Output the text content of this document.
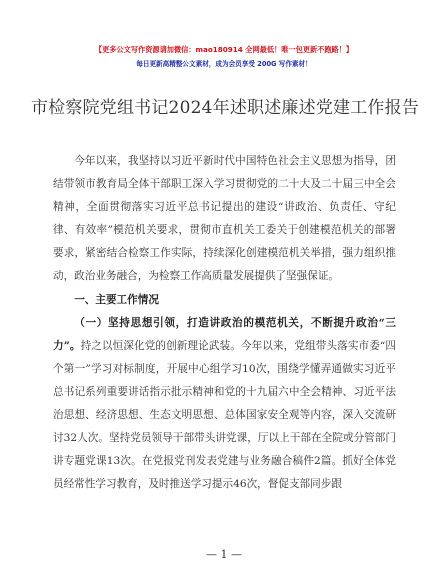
【更多公文写作资源请加微信：mao180914 全网最低！唯一包更新不跑路！】
每日更新高精整公文素材，成为会员享受 200G 写作素材！
市检察院党组书记2024年述职述廉述党建工作报告

今年以来，我坚持以习近平新时代中国特色社会主义思想为指导，团结带领市教育局全体干部职工深入学习贯彻党的二十大及二十届三中全会精神，全面贯彻落实习近平总书记提出的建设“讲政治、负责任、守纪律、有效率”模范机关要求，贯彻市直机关工委关于创建模范机关的部署要求，紧密结合检察工作实际，持续深化创建模范机关举措，强力组织推动，政治业务融合，为检察工作高质量发展提供了坚强保证。

一、主要工作情况

（一）坚持思想引领，打造讲政治的模范机关，不断提升政治“三力”。持之以恒深化党的创新理论武装。今年以来，党组带头落实市委“四个第一”学习对标制度，开展中心组学习10次，围绕学懂弄通做实习近平总书记系列重要讲话指示批示精神和党的十九届六中全会精神、习近平法治思想、经济思想、生态文明思想、总体国家安全观等内容，深入交流研讨32人次。坚持党员领导干部带头讲党课，厅以上干部在全院或分管部门讲专题党课13次。在党报党刊发表党建与业务融合稿件2篇。抓好全体党员经常性学习教育，及时推送学习提示46次，督促支部同步跟

— 1 —
